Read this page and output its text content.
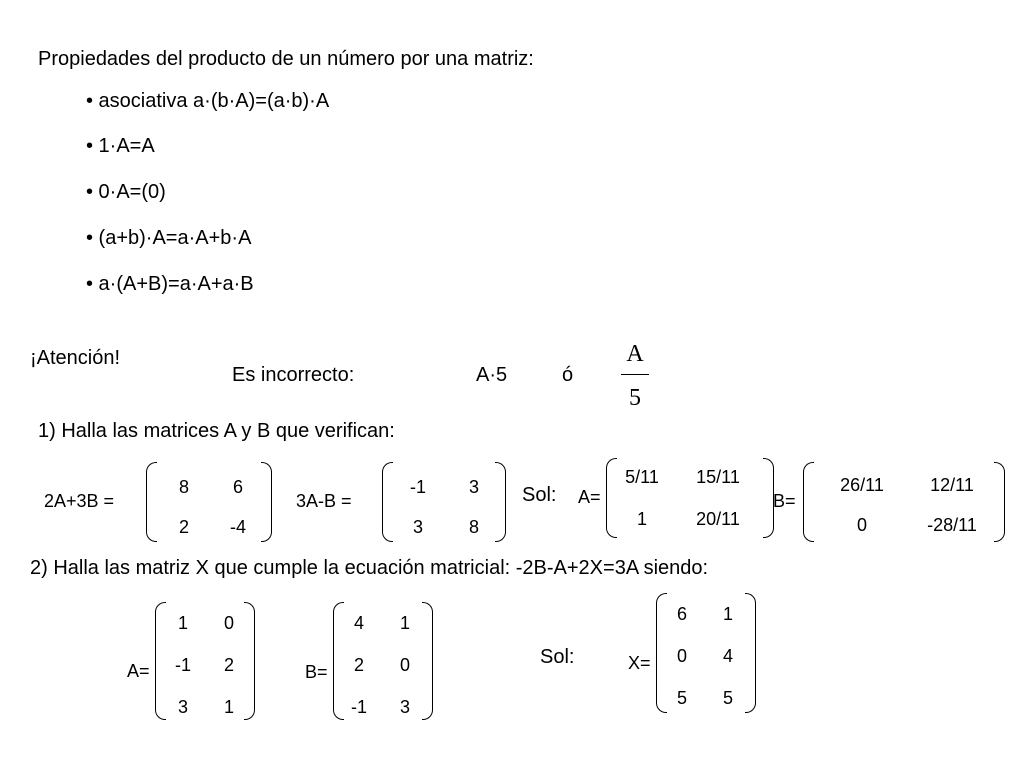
Propiedades del producto de un número por una matriz:
• asociativa a·(b·A)=(a·b)·A
• 1·A=A
• 0·A=(0)
• (a+b)·A=a·A+b·A
• a·(A+B)=a·A+a·B
¡Atención!
Es incorrecto:	A·5	ó
A
5
1) Halla las matrices A y B que verifican:
2A+3B =
8	6
2	-4
3A-B =
-1	3
3	8
Sol: A=
5/11	15/11
1	20/11
B=
26/11	12/11
0	-28/11
2) Halla las matriz X que cumple la ecuación matricial: -2B-A+2X=3A siendo:
A=
1	0
-1	2
3	1
B=
4	1
2	0
-1	3
Sol:	X=
6	1
0	4
5	5
